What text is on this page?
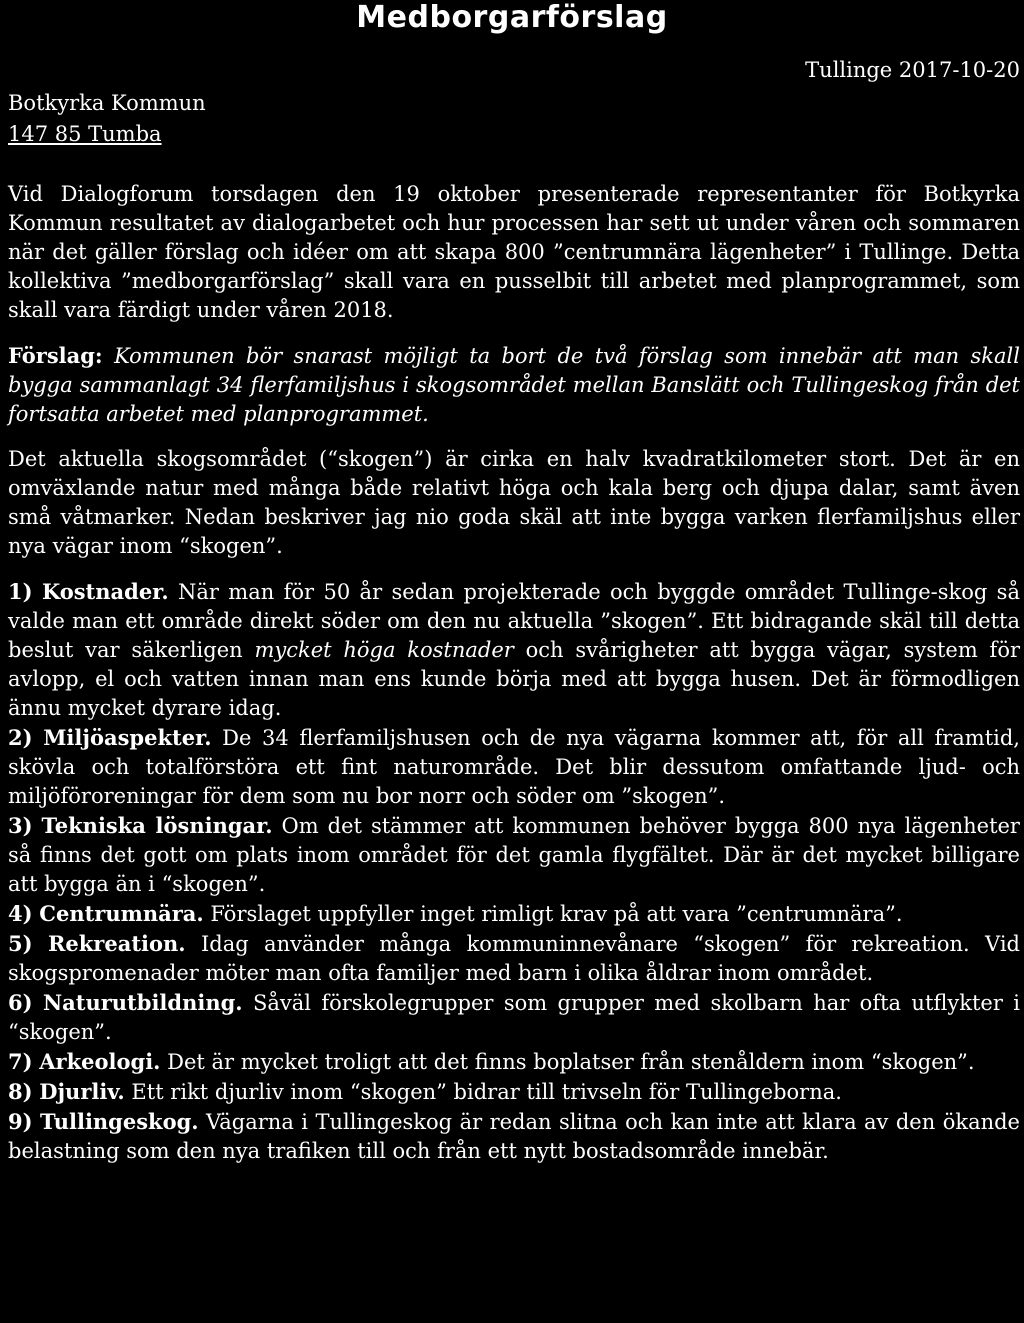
Medborgarförslag
Tullinge 2017-10-20
Botkyrka Kommun
147 85 Tumba

Vid Dialogforum torsdagen den 19 oktober presenterade representanter för Botkyrka Kommun resultatet av dialogarbetet och hur processen har sett ut under våren och sommaren när det gäller förslag och idéer om att skapa 800 ”centrumnära lägenheter” i Tullinge. Detta kollektiva ”medborgarförslag” skall vara en pusselbit till arbetet med planprogrammet, som skall vara färdigt under våren 2018.

Förslag: Kommunen bör snarast möjligt ta bort de två förslag som innebär att man skall bygga sammanlagt 34 flerfamiljshus i skogsområdet mellan Banslätt och Tullingeskog från det fortsatta arbetet med planprogrammet.

Det aktuella skogsområdet (“skogen”) är cirka en halv kvadratkilometer stort. Det är en omväxlande natur med många både relativt höga och kala berg och djupa dalar, samt även små våtmarker. Nedan beskriver jag nio goda skäl att inte bygga varken flerfamiljshus eller nya vägar inom “skogen”.

1) Kostnader. När man för 50 år sedan projekterade och byggde området Tullinge-skog så valde man ett område direkt söder om den nu aktuella ”skogen”. Ett bidragande skäl till detta beslut var säkerligen mycket höga kostnader och svårigheter att bygga vägar, system för avlopp, el och vatten innan man ens kunde börja med att bygga husen. Det är förmodligen ännu mycket dyrare idag.

2) Miljöaspekter. De 34 flerfamiljshusen och de nya vägarna kommer att, för all framtid, skövla och totalförstöra ett fint naturområde. Det blir dessutom omfattande ljud- och miljöföroreningar för dem som nu bor norr och söder om ”skogen”.

3) Tekniska lösningar. Om det stämmer att kommunen behöver bygga 800 nya lägenheter så finns det gott om plats inom området för det gamla flygfältet. Där är det mycket billigare att bygga än i “skogen”.

4) Centrumnära. Förslaget uppfyller inget rimligt krav på att vara ”centrumnära”.

5) Rekreation. Idag använder många kommuninnevånare “skogen” för rekreation. Vid skogspromenader möter man ofta familjer med barn i olika åldrar inom området.

6) Naturutbildning. Såväl förskolegrupper som grupper med skolbarn har ofta utflykter i “skogen”.

7) Arkeologi. Det är mycket troligt att det finns boplatser från stenåldern inom “skogen”.

8) Djurliv. Ett rikt djurliv inom “skogen” bidrar till trivseln för Tullingeborna.

9) Tullingeskog. Vägarna i Tullingeskog är redan slitna och kan inte att klara av den ökande belastning som den nya trafiken till och från ett nytt bostadsområde innebär.
